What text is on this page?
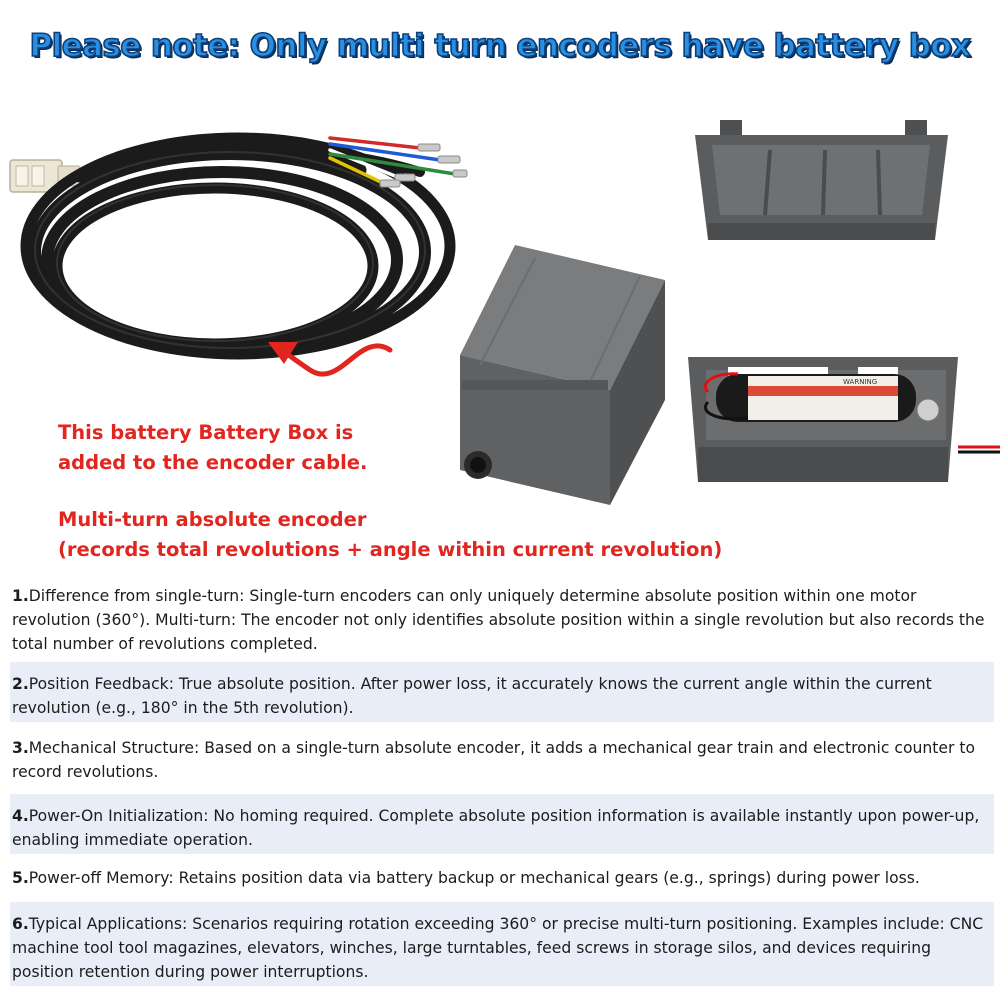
Please note: Only multi turn encoders have battery box
WARNING
This battery Battery Box is
added to the encoder cable.
Multi-turn absolute encoder
(records total revolutions + angle within current revolution)
1.Difference from single-turn: Single-turn encoders can only uniquely determine absolute position within one motor revolution (360°). Multi-turn: The encoder not only identifies absolute position within a single revolution but also records the total number of revolutions completed.
2.Position Feedback: True absolute position. After power loss, it accurately knows the current angle within the current revolution (e.g., 180° in the 5th revolution).
3.Mechanical Structure: Based on a single-turn absolute encoder, it adds a mechanical gear train and electronic counter to record revolutions.
4.Power-On Initialization: No homing required. Complete absolute position information is available instantly upon power-up, enabling immediate operation.
5.Power-off Memory: Retains position data via battery backup or mechanical gears (e.g., springs) during power loss.
6.Typical Applications: Scenarios requiring rotation exceeding 360° or precise multi-turn positioning. Examples include: CNC machine tool tool magazines, elevators, winches, large turntables, feed screws in storage silos, and devices requiring position retention during power interruptions.
